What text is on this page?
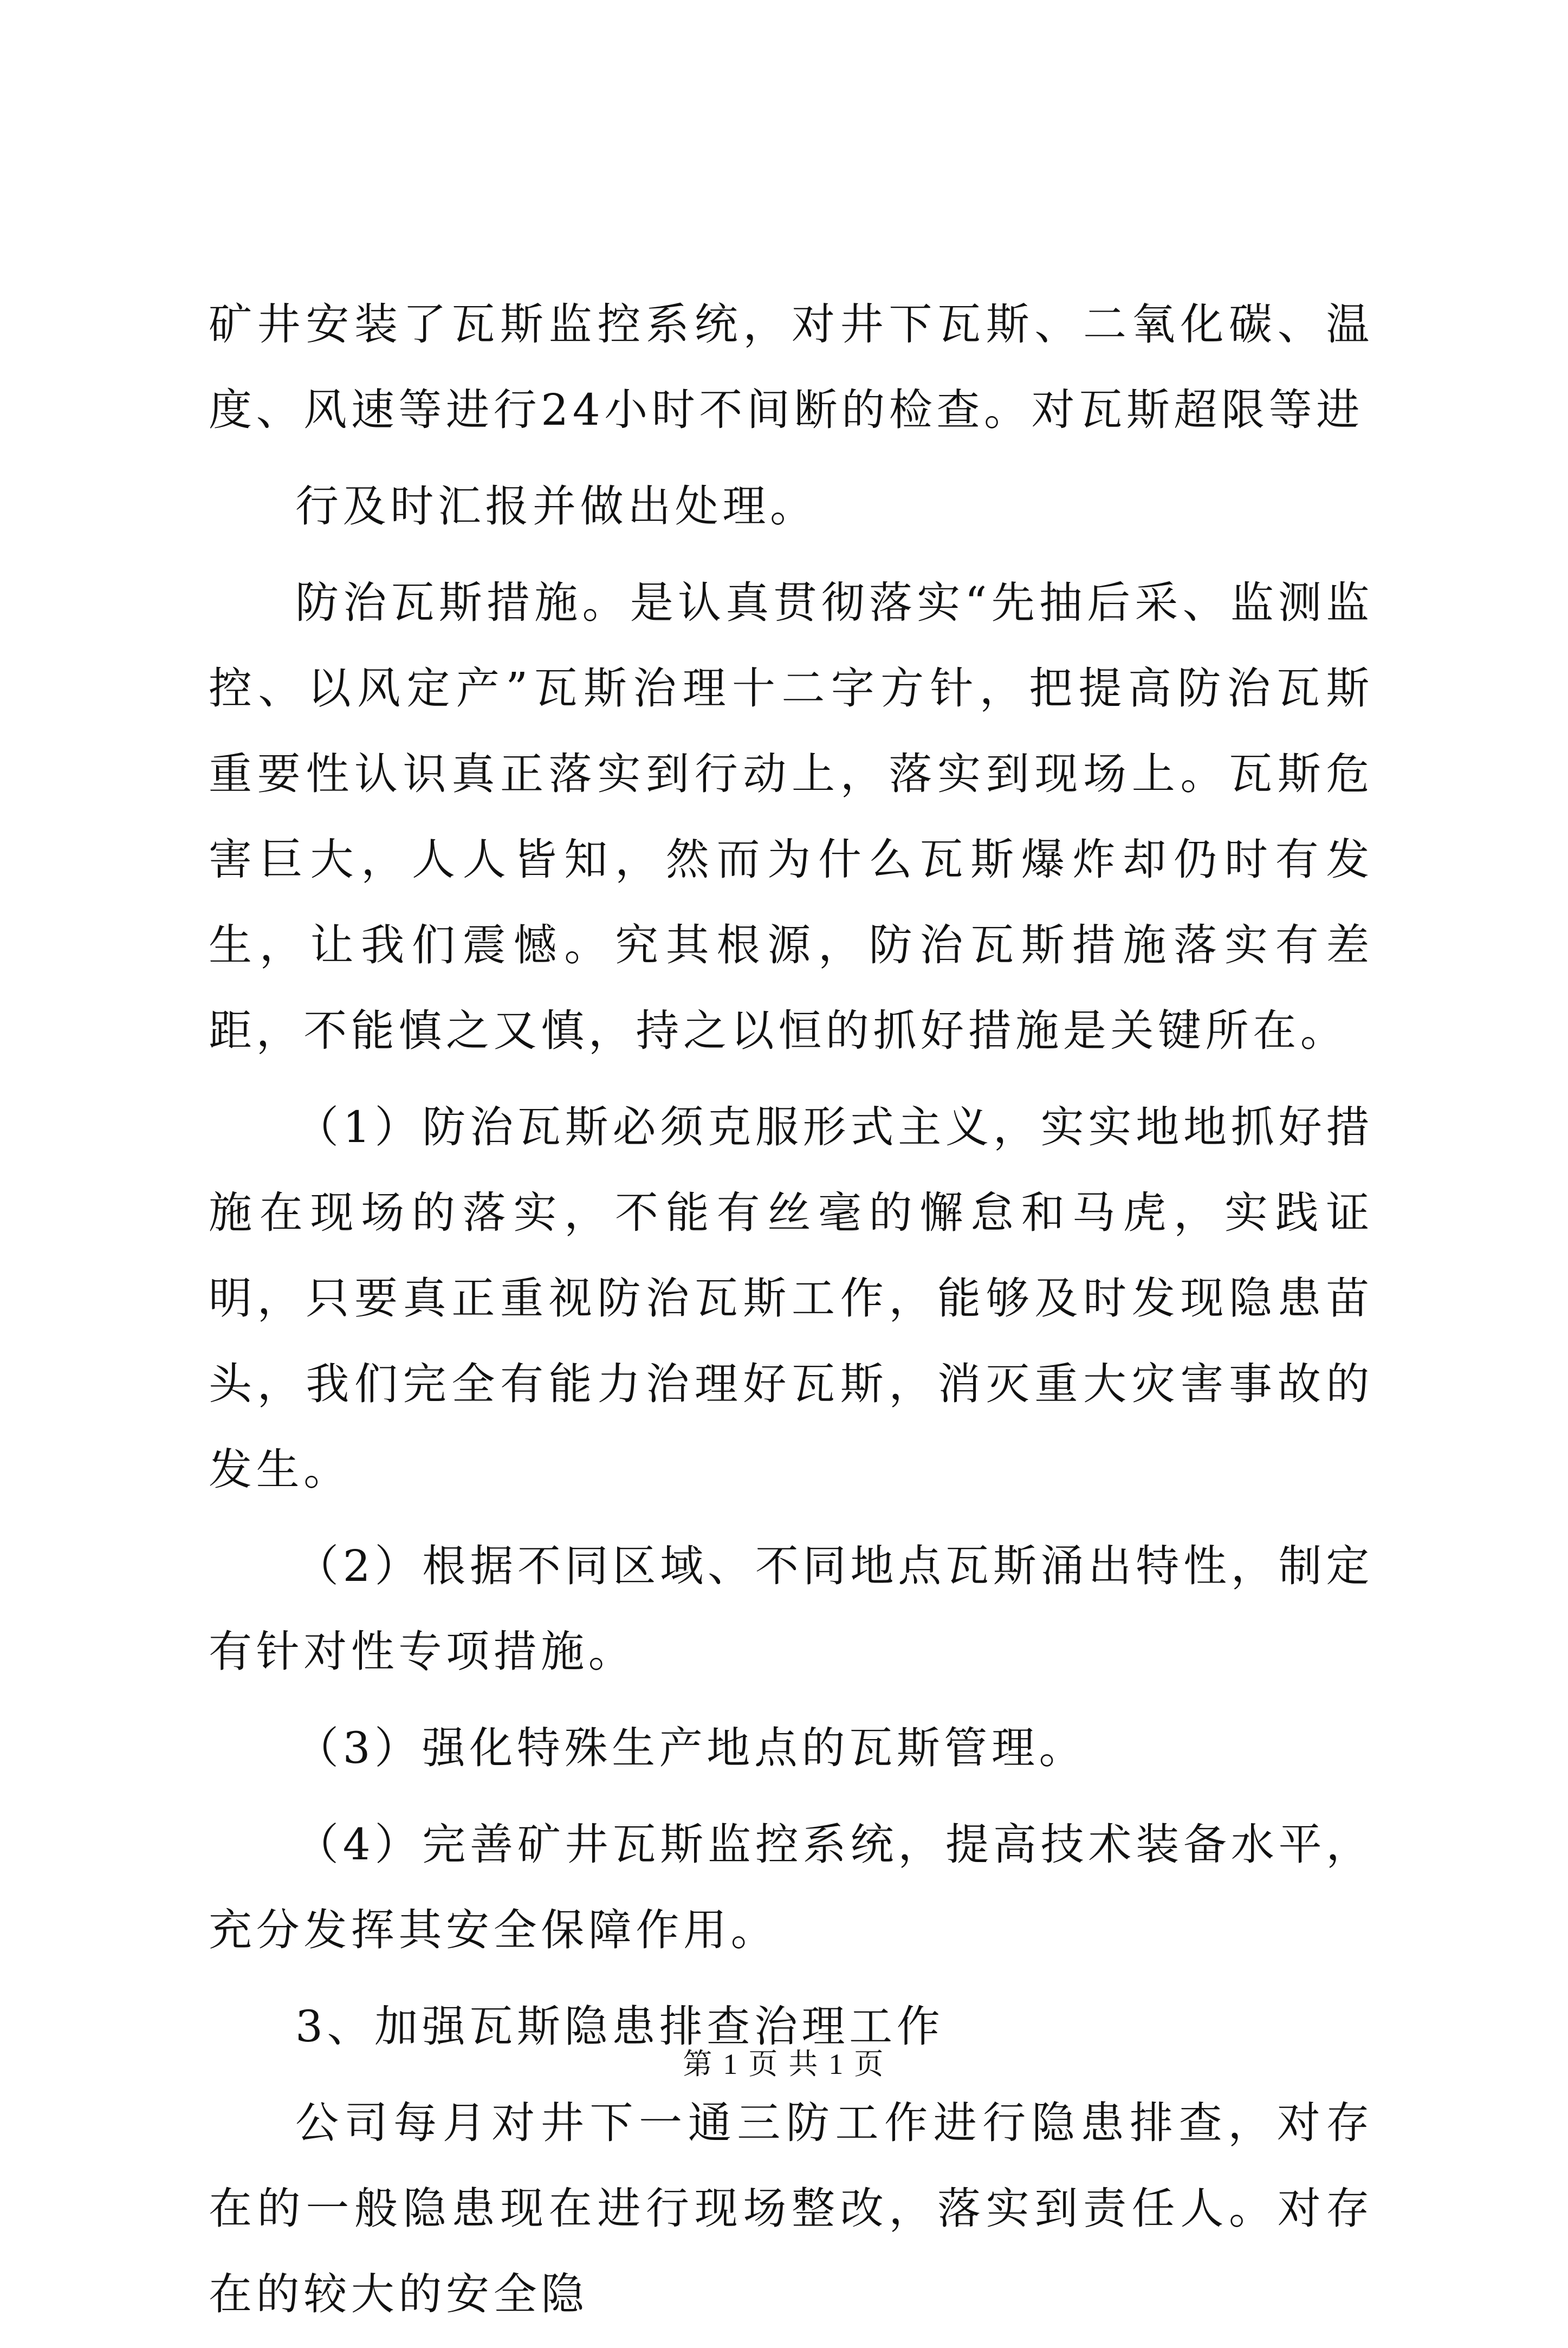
矿井安装了瓦斯监控系统，对井下瓦斯、二氧化碳、温度、风速等进行24小时不间断的检查。对瓦斯超限等进

行及时汇报并做出处理。

防治瓦斯措施。是认真贯彻落实“先抽后采、监测监控、以风定产”瓦斯治理十二字方针，把提高防治瓦斯重要性认识真正落实到行动上，落实到现场上。瓦斯危害巨大，人人皆知，然而为什么瓦斯爆炸却仍时有发生，让我们震憾。究其根源，防治瓦斯措施落实有差距，不能慎之又慎，持之以恒的抓好措施是关键所在。

（1）防治瓦斯必须克服形式主义，实实地地抓好措施在现场的落实，不能有丝毫的懈怠和马虎，实践证明，只要真正重视防治瓦斯工作，能够及时发现隐患苗头，我们完全有能力治理好瓦斯，消灭重大灾害事故的发生。

（2）根据不同区域、不同地点瓦斯涌出特性，制定有针对性专项措施。

（3）强化特殊生产地点的瓦斯管理。

（4）完善矿井瓦斯监控系统，提高技术装备水平，充分发挥其安全保障作用。

3、加强瓦斯隐患排查治理工作

公司每月对井下一通三防工作进行隐患排查，对存在的一般隐患现在进行现场整改，落实到责任人。对存在的较大的安全隐

第 1 页 共 1 页
